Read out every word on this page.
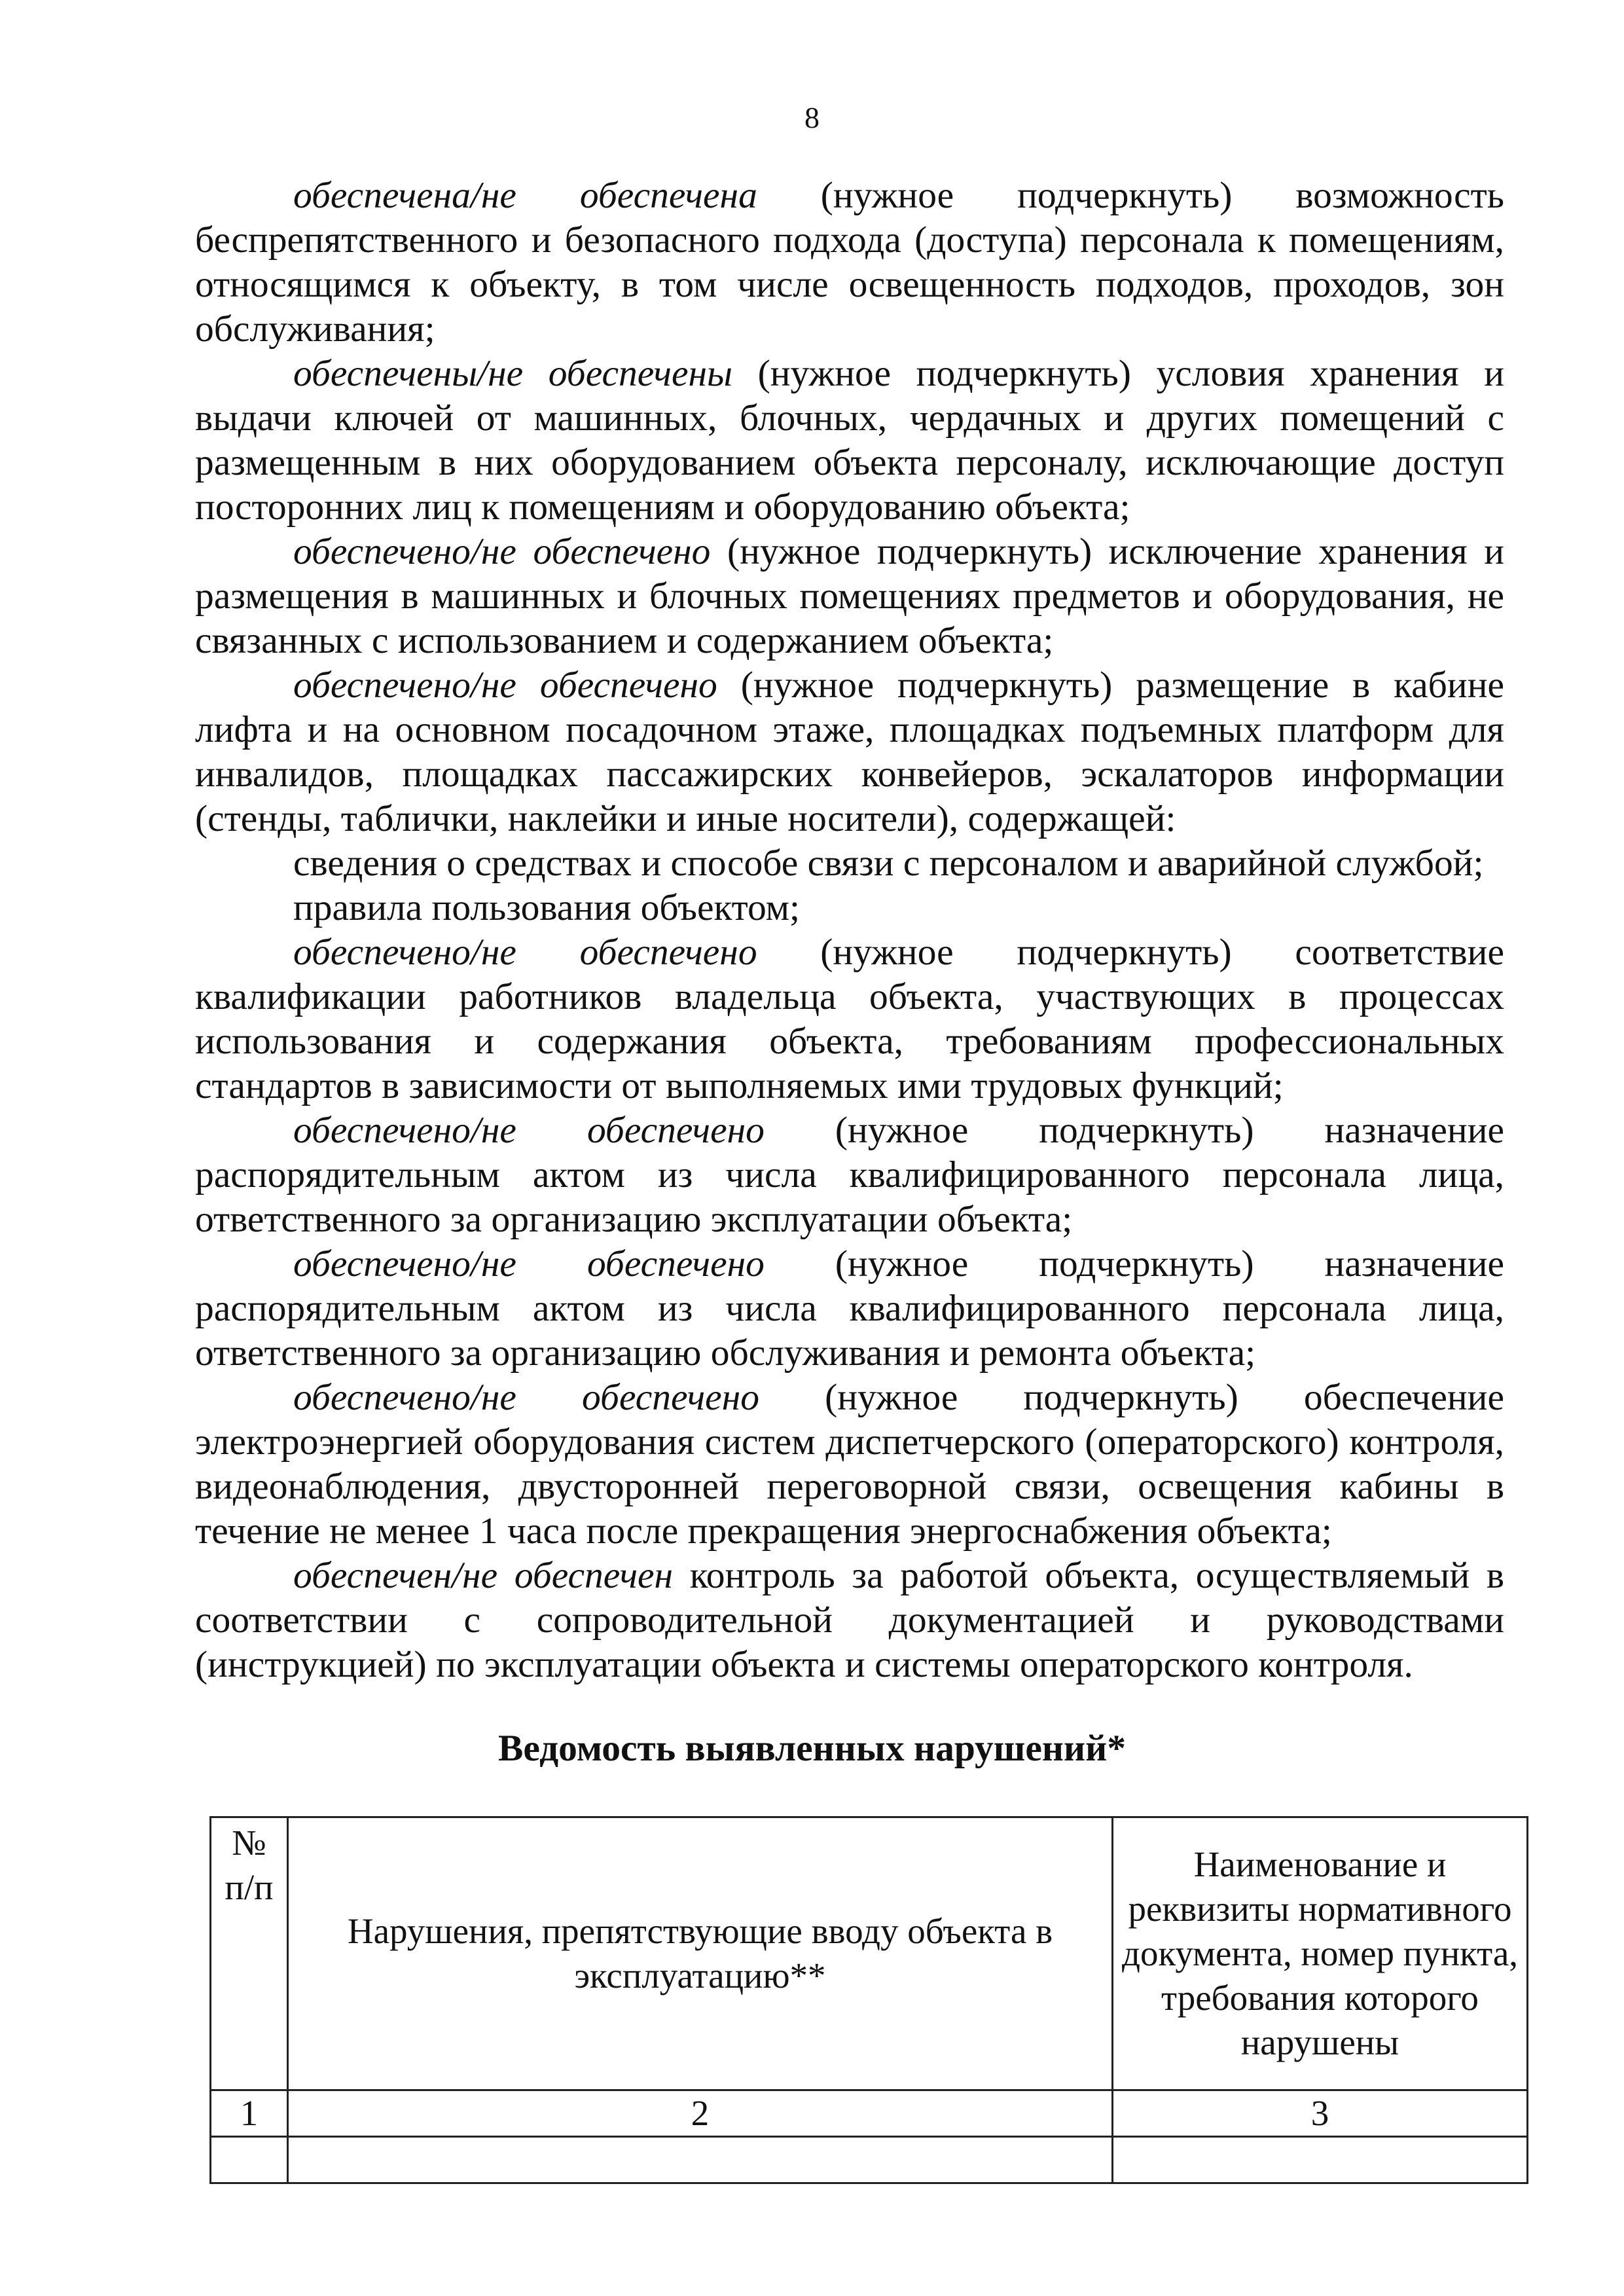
8

обеспечена/не обеспечена (нужное подчеркнуть) возможность беспрепятственного и безопасного подхода (доступа) персонала к помещениям, относящимся к объекту, в том числе освещенность подходов, проходов, зон обслуживания;

обеспечены/не обеспечены (нужное подчеркнуть) условия хранения и выдачи ключей от машинных, блочных, чердачных и других помещений с размещенным в них оборудованием объекта персоналу, исключающие доступ посторонних лиц к помещениям и оборудованию объекта;

обеспечено/не обеспечено (нужное подчеркнуть) исключение хранения и размещения в машинных и блочных помещениях предметов и оборудования, не связанных с использованием и содержанием объекта;

обеспечено/не обеспечено (нужное подчеркнуть) размещение в кабине лифта и на основном посадочном этаже, площадках подъемных платформ для инвалидов, площадках пассажирских конвейеров, эскалаторов информации (стенды, таблички, наклейки и иные носители), содержащей:

сведения о средствах и способе связи с персоналом и аварийной службой;

правила пользования объектом;

обеспечено/не обеспечено (нужное подчеркнуть) соответствие квалификации работников владельца объекта, участвующих в процессах использования и содержания объекта, требованиям профессиональных стандартов в зависимости от выполняемых ими трудовых функций;

обеспечено/не обеспечено (нужное подчеркнуть) назначение распорядительным актом из числа квалифицированного персонала лица, ответственного за организацию эксплуатации объекта;

обеспечено/не обеспечено (нужное подчеркнуть) назначение распорядительным актом из числа квалифицированного персонала лица, ответственного за организацию обслуживания и ремонта объекта;

обеспечено/не обеспечено (нужное подчеркнуть) обеспечение электроэнергией оборудования систем диспетчерского (операторского) контроля, видеонаблюдения, двусторонней переговорной связи, освещения кабины в течение не менее 1 часа после прекращения энергоснабжения объекта;

обеспечен/не обеспечен контроль за работой объекта, осуществляемый в соответствии с сопроводительной документацией и руководствами (инструкцией) по эксплуатации объекта и системы операторского контроля.

Ведомость выявленных нарушений*
№ п/п	Нарушения, препятствующие вводу объекта в эксплуатацию**	Наименование и реквизиты нормативного документа, номер пункта, требования которого нарушены
1	2	3
